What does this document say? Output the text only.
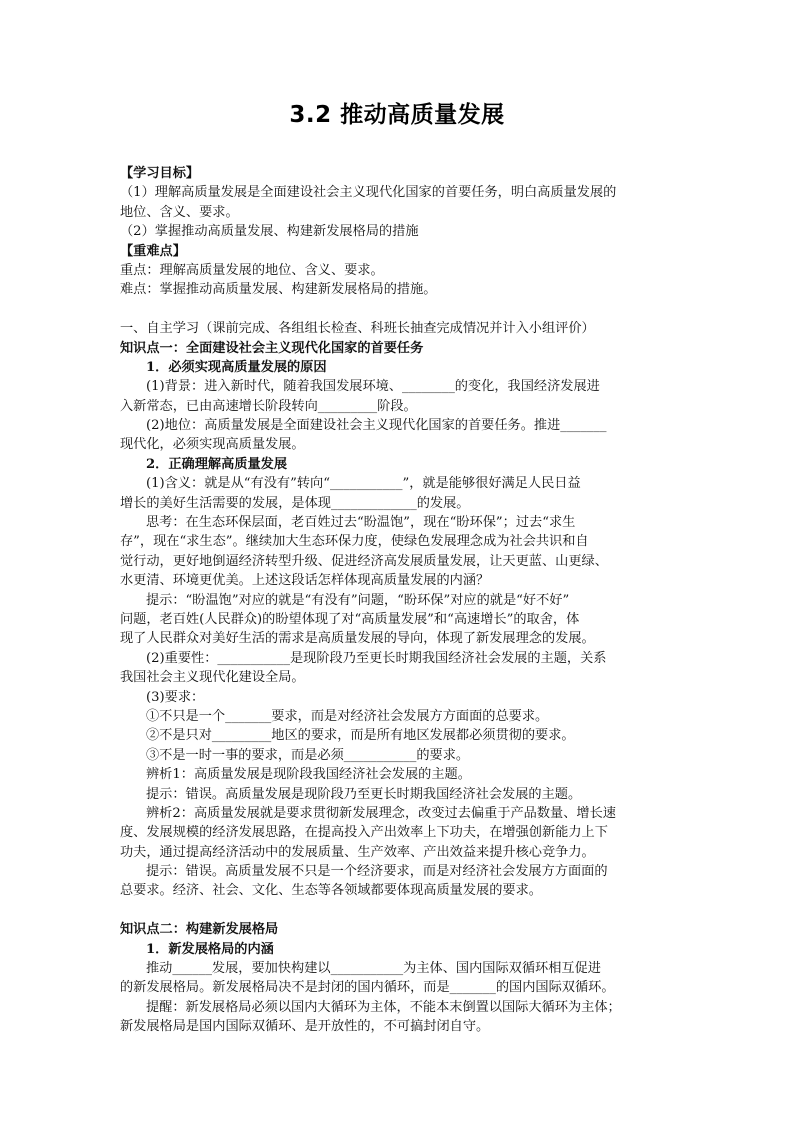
3.2 推动高质量发展
【学习目标】
（1）理解高质量发展是全面建设社会主义现代化国家的首要任务，明白高质量发展的
地位、含义、要求。
（2）掌握推动高质量发展、构建新发展格局的措施
【重难点】
重点：理解高质量发展的地位、含义、要求。
难点：掌握推动高质量发展、构建新发展格局的措施。
一、自主学习（课前完成、各组组长检查、科班长抽查完成情况并计入小组评价）
知识点一：全面建设社会主义现代化国家的首要任务
1．必须实现高质量发展的原因
(1)背景：进入新时代，随着我国发展环境、________的变化，我国经济发展进
入新常态，已由高速增长阶段转向_________阶段。
(2)地位：高质量发展是全面建设社会主义现代化国家的首要任务。推进_______
现代化，必须实现高质量发展。
2．正确理解高质量发展
(1)含义：就是从“有没有”转向“___________”，就是能够很好满足人民日益
增长的美好生活需要的发展，是体现_____________的发展。
思考：在生态环保层面，老百姓过去“盼温饱”，现在“盼环保”；过去“求生
存”，现在“求生态”。继续加大生态环保力度，使绿色发展理念成为社会共识和自
觉行动，更好地倒逼经济转型升级、促进经济高发展质量发展，让天更蓝、山更绿、
水更清、环境更优美。上述这段话怎样体现高质量发展的内涵？
提示：“盼温饱”对应的就是“有没有”问题，“盼环保”对应的就是“好不好”
问题，老百姓(人民群众)的盼望体现了对“高质量发展”和“高速增长”的取舍，体
现了人民群众对美好生活的需求是高质量发展的导向，体现了新发展理念的发展。
(2)重要性：___________是现阶段乃至更长时期我国经济社会发展的主题，关系
我国社会主义现代化建设全局。
(3)要求：
①不只是一个_______要求，而是对经济社会发展方方面面的总要求。
②不是只对_________地区的要求，而是所有地区发展都必须贯彻的要求。
③不是一时一事的要求，而是必须___________的要求。
辨析1：高质量发展是现阶段我国经济社会发展的主题。
提示：错误。高质量发展是现阶段乃至更长时期我国经济社会发展的主题。
辨析2：高质量发展就是要求贯彻新发展理念，改变过去偏重于产品数量、增长速
度、发展规模的经济发展思路，在提高投入产出效率上下功夫，在增强创新能力上下
功夫，通过提高经济活动中的发展质量、生产效率、产出效益来提升核心竞争力。
提示：错误。高质量发展不只是一个经济要求，而是对经济社会发展方方面面的
总要求。经济、社会、文化、生态等各领域都要体现高质量发展的要求。
知识点二：构建新发展格局
1．新发展格局的内涵
推动______发展，要加快构建以___________为主体、国内国际双循环相互促进
的新发展格局。新发展格局决不是封闭的国内循环，而是_______的国内国际双循环。
提醒：新发展格局必须以国内大循环为主体，不能本末倒置以国际大循环为主体；
新发展格局是国内国际双循环、是开放性的，不可搞封闭自守。
